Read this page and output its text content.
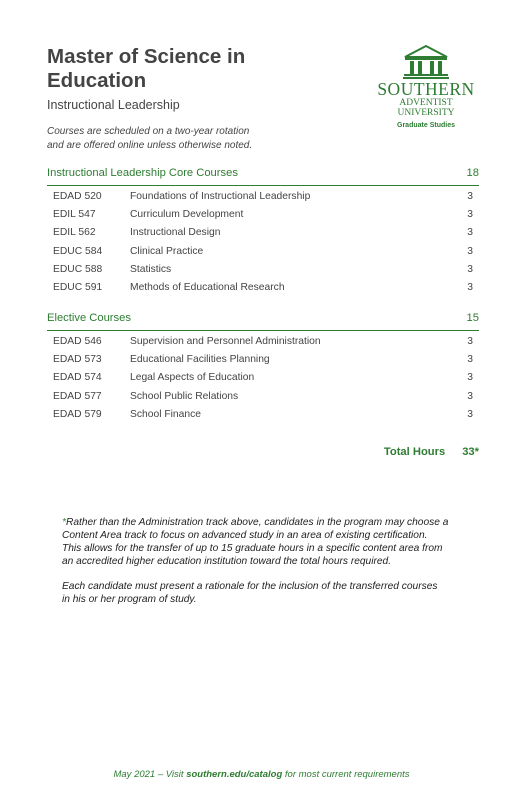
Master of Science in Education
Instructional Leadership
Courses are scheduled on a two-year rotation
and are offered online unless otherwise noted.
SOUTHERN
ADVENTIST UNIVERSITY
Graduate Studies
Instructional Leadership Core Courses	18
EDAD 520	Foundations of Instructional Leadership	3
EDIL 547	Curriculum Development	3
EDIL 562	Instructional Design	3
EDUC 584	Clinical Practice	3
EDUC 588	Statistics	3
EDUC 591	Methods of Educational Research	3
Elective Courses	15
EDAD 546	Supervision and Personnel Administration	3
EDAD 573	Educational Facilities Planning	3
EDAD 574	Legal Aspects of Education	3
EDAD 577	School Public Relations	3
EDAD 579	School Finance	3
Total Hours 33*

*Rather than the Administration track above, candidates in the program may choose a
Content Area track to focus on advanced study in an area of existing certification.
This allows for the transfer of up to 15 graduate hours in a specific content area from
an accredited higher education institution toward the total hours required.

Each candidate must present a rationale for the inclusion of the transferred courses
in his or her program of study.

May 2021 – Visit southern.edu/catalog for most current requirements
